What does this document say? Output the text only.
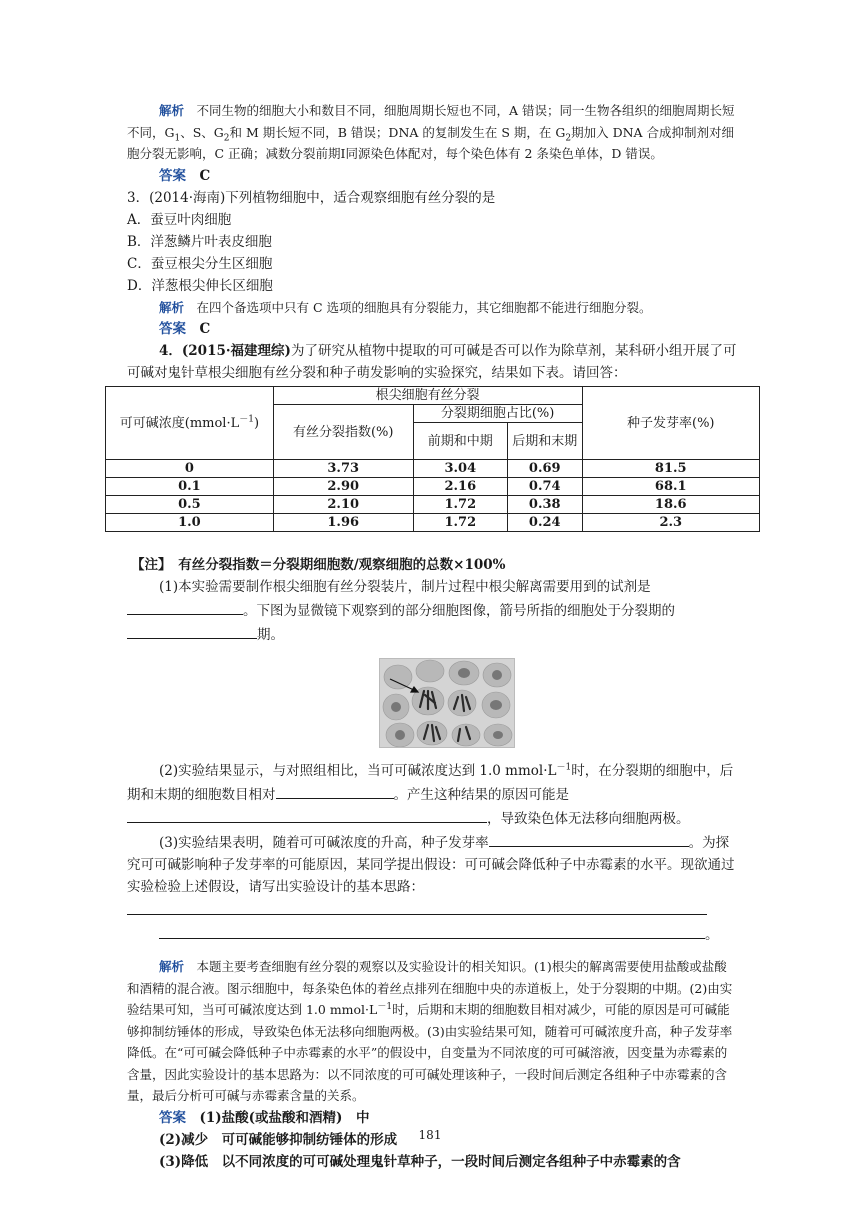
解析　 不同生物的细胞大小和数目不同，细胞周期长短也不同，A 错误；同一生物各组织的细胞周期长短不同，$G_1$、S、$G_2$和 M 期长短不同，B 错误；DNA 的复制发生在 S 期，在 $G_2$期加入 DNA 合成抑制剂对细胞分裂无影响，C 正确；减数分裂前期Ⅰ同源染色体配对，每个染色体有 2 条染色单体，D 错误。

答案　 C

3．(2014·海南)下列植物细胞中，适合观察细胞有丝分裂的是

A．蚕豆叶肉细胞

B．洋葱鳞片叶表皮细胞

C．蚕豆根尖分生区细胞

D．洋葱根尖伸长区细胞

解析　 在四个备选项中只有 C 选项的细胞具有分裂能力，其它细胞都不能进行细胞分裂。

答案　 C

4．(2015·福建理综)为了研究从植物中提取的可可碱是否可以作为除草剂，某科研小组开展了可可碱对鬼针草根尖细胞有丝分裂和种子萌发影响的实验探究，结果如下表。请回答：

可可碱浓度$(mmol\cdot L^{-1})$	根尖细胞有丝分裂			种子发芽率(%)
	有丝分裂指数(%)	分裂期细胞占比(%)		
		前期和中期	后期和末期	
0	3.73	3.04	0.69	81.5
0.1	2.90	2.16	0.74	68.1
0.5	2.10	1.72	0.38	18.6
1.0	1.96	1.72	0.24	2.3

【注】　 有丝分裂指数＝分裂期细胞数/观察细胞的总数×100%

(1)本实验需要制作根尖细胞有丝分裂装片，制片过程中根尖解离需要用到的试剂是。下图为显微镜下观察到的部分细胞图像，箭号所指的细胞处于分裂期的期。

(2)实验结果显示，与对照组相比，当可可碱浓度达到 1.0 $mmol\cdot L^{-1}$时，在分裂期的细胞中，后期和末期的细胞数目相对	。产生这种结果的原因可能是，导致染色体无法移向细胞两极。

(3)实验结果表明，随着可可碱浓度的升高，种子发芽率	。为探究可可碱影响种子发芽率的可能原因，某同学提出假设：可可碱会降低种子中赤霉素的水平。现欲通过实验检验上述假设，请写出实验设计的基本思路：
。

解析　 本题主要考查细胞有丝分裂的观察以及实验设计的相关知识。(1)根尖的解离需要使用盐酸或盐酸和酒精的混合液。图示细胞中，每条染色体的着丝点排列在细胞中央的赤道板上，处于分裂期的中期。(2)由实验结果可知，当可可碱浓度达到 1.0 $mmol\cdot L^{-1}$时，后期和末期的细胞数目相对减少，可能的原因是可可碱能够抑制纺锤体的形成，导致染色体无法移向细胞两极。(3)由实验结果可知，随着可可碱浓度升高，种子发芽率降低。在“可可碱会降低种子中赤霉素的水平”的假设中，自变量为不同浓度的可可碱溶液，因变量为赤霉素的含量，因此实验设计的基本思路为：以不同浓度的可可碱处理该种子，一段时间后测定各组种子中赤霉素的含量，最后分析可可碱与赤霉素含量的关系。

答案　 (1)盐酸(或盐酸和酒精)　中

(2)减少　可可碱能够抑制纺锤体的形成

(3)降低　以不同浓度的可可碱处理鬼针草种子，一段时间后测定各组种子中赤霉素的含

181
